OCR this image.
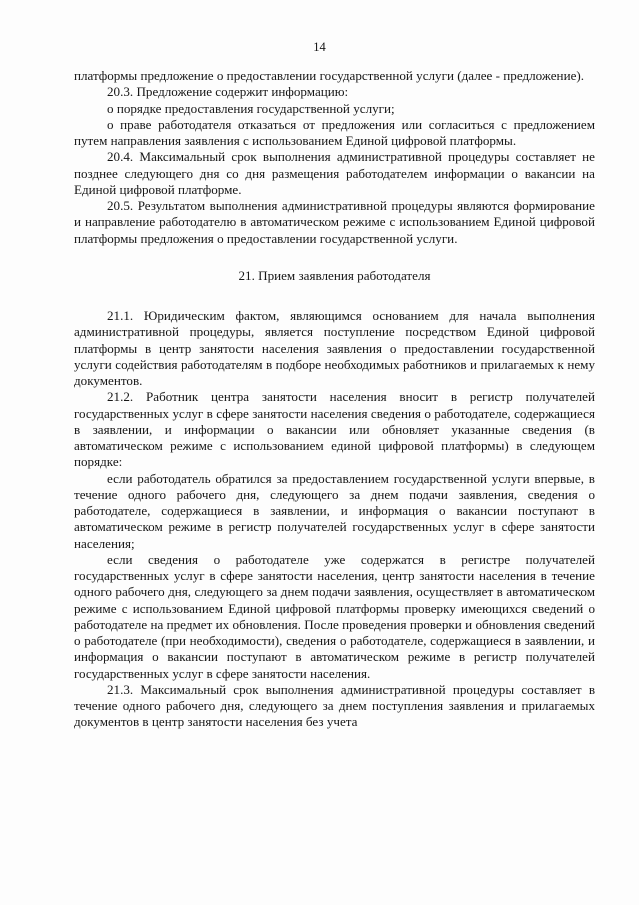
14

платформы предложение о предоставлении государственной услуги (далее - предложение).

20.3. Предложение содержит информацию:

о порядке предоставления государственной услуги;

о праве работодателя отказаться от предложения или согласиться с предложением путем направления заявления с использованием Единой цифровой платформы.

20.4. Максимальный срок выполнения административной процедуры составляет не позднее следующего дня со дня размещения работодателем информации о вакансии на Единой цифровой платформе.

20.5. Результатом выполнения административной процедуры являются формирование и направление работодателю в автоматическом режиме с использованием Единой цифровой платформы предложения о предоставлении государственной услуги.

21. Прием заявления работодателя

21.1. Юридическим фактом, являющимся основанием для начала выполнения административной процедуры, является поступление посредством Единой цифровой платформы в центр занятости населения заявления о предоставлении государственной услуги содействия работодателям в подборе необходимых работников и прилагаемых к нему документов.

21.2. Работник центра занятости населения вносит в регистр получателей государственных услуг в сфере занятости населения сведения о работодателе, содержащиеся в заявлении, и информации о вакансии или обновляет указанные сведения (в автоматическом режиме с использованием единой цифровой платформы) в следующем порядке:

если работодатель обратился за предоставлением государственной услуги впервые, в течение одного рабочего дня, следующего за днем подачи заявления, сведения о работодателе, содержащиеся в заявлении, и информация о вакансии поступают в автоматическом режиме в регистр получателей государственных услуг в сфере занятости населения;

если сведения о работодателе уже содержатся в регистре получателей государственных услуг в сфере занятости населения, центр занятости населения в течение одного рабочего дня, следующего за днем подачи заявления, осуществляет в автоматическом режиме с использованием Единой цифровой платформы проверку имеющихся сведений о работодателе на предмет их обновления. После проведения проверки и обновления сведений о работодателе (при необходимости), сведения о работодателе, содержащиеся в заявлении, и информация о вакансии поступают в автоматическом режиме в регистр получателей государственных услуг в сфере занятости населения.

21.3. Максимальный срок выполнения административной процедуры составляет в течение одного рабочего дня, следующего за днем поступления заявления и прилагаемых документов в центр занятости населения без учета
